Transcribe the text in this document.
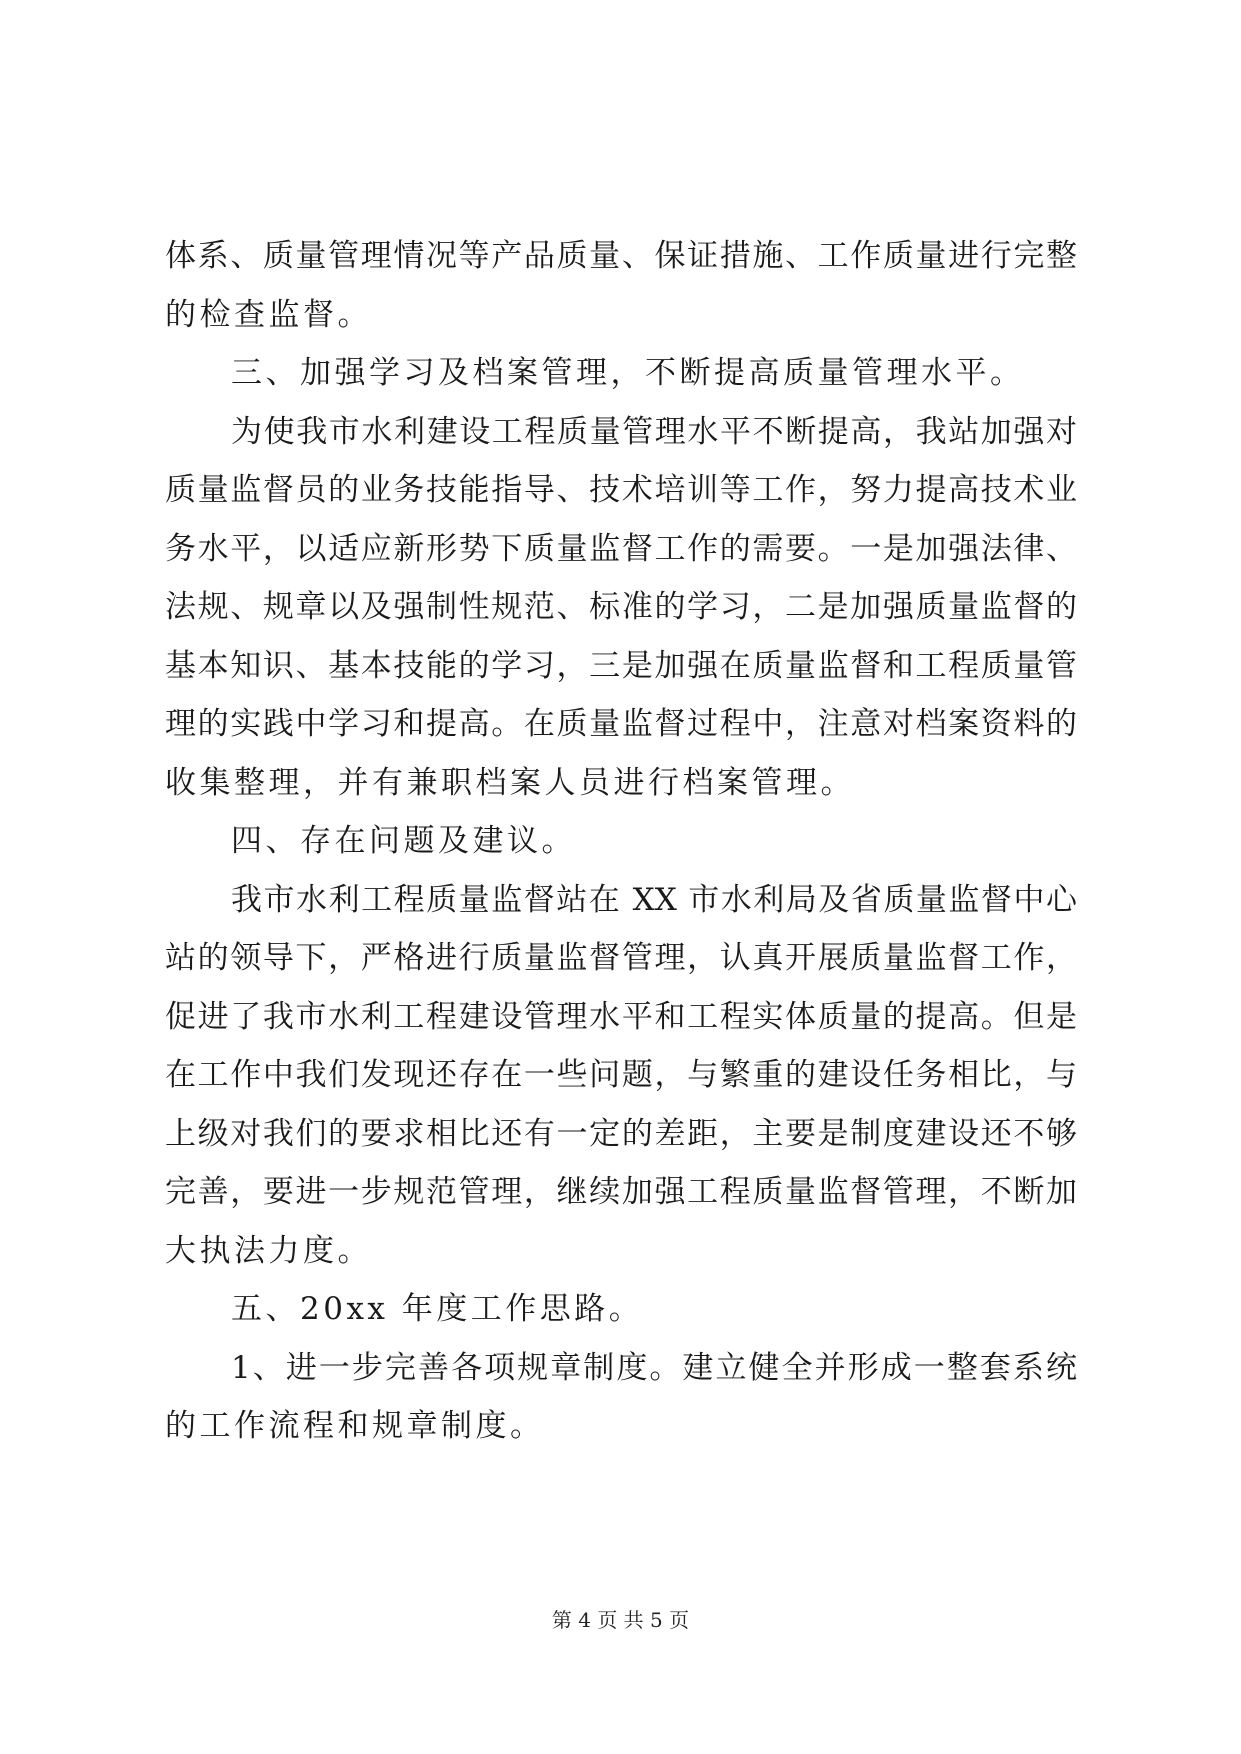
体系、质量管理情况等产品质量、保证措施、工作质量进行完整
的检查监督。
三、加强学习及档案管理，不断提高质量管理水平。
为使我市水利建设工程质量管理水平不断提高，我站加强对
质量监督员的业务技能指导、技术培训等工作，努力提高技术业
务水平，以适应新形势下质量监督工作的需要。一是加强法律、
法规、规章以及强制性规范、标准的学习，二是加强质量监督的
基本知识、基本技能的学习，三是加强在质量监督和工程质量管
理的实践中学习和提高。在质量监督过程中，注意对档案资料的
收集整理，并有兼职档案人员进行档案管理。
四、存在问题及建议。
我市水利工程质量监督站在 XX 市水利局及省质量监督中心
站的领导下，严格进行质量监督管理，认真开展质量监督工作，
促进了我市水利工程建设管理水平和工程实体质量的提高。但是
在工作中我们发现还存在一些问题，与繁重的建设任务相比，与
上级对我们的要求相比还有一定的差距，主要是制度建设还不够
完善，要进一步规范管理，继续加强工程质量监督管理，不断加
大执法力度。
五、20xx 年度工作思路。
1、进一步完善各项规章制度。建立健全并形成一整套系统
的工作流程和规章制度。
第 4 页 共 5 页
